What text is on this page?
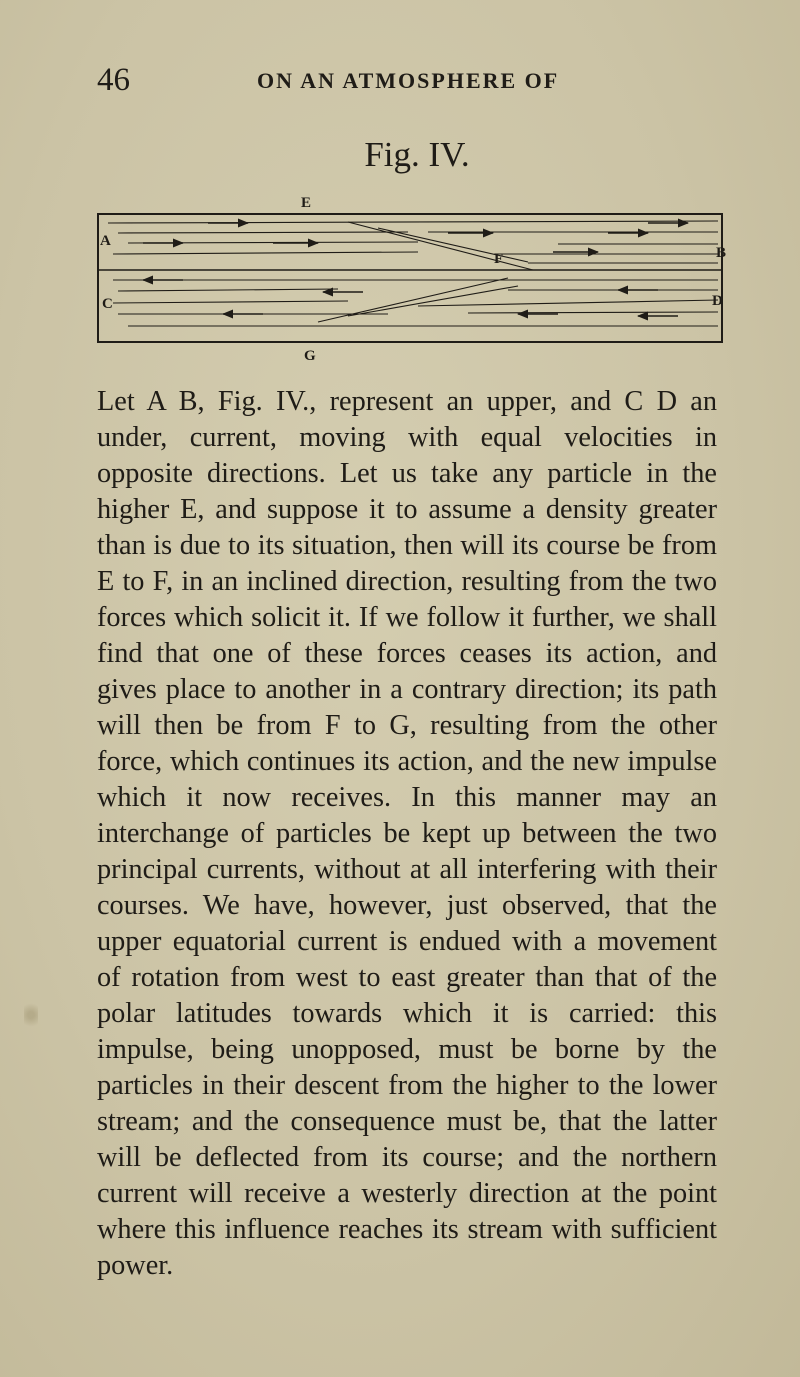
46	ON AN ATMOSPHERE OF
Fig. IV.
E
A
B
F
C	D
G

Let A B, Fig. IV., represent an upper, and C D an under, current, moving with equal velocities in opposite directions. Let us take any particle in the higher E, and suppose it to assume a density greater than is due to its situation, then will its course be from E to F, in an inclined direction, resulting from the two forces which solicit it. If we follow it further, we shall find that one of these forces ceases its action, and gives place to another in a contrary direction; its path will then be from F to G, resulting from the other force, which continues its action, and the new impulse which it now receives. In this manner may an interchange of particles be kept up between the two principal currents, without at all interfering with their courses. We have, however, just observed, that the upper equatorial current is endued with a movement of rotation from west to east greater than that of the polar latitudes towards which it is carried: this impulse, being unopposed, must be borne by the particles in their descent from the higher to the lower stream; and the consequence must be, that the latter will be deflected from its course; and the northern current will receive a westerly direction at the point where this influence reaches its stream with sufficient power.
